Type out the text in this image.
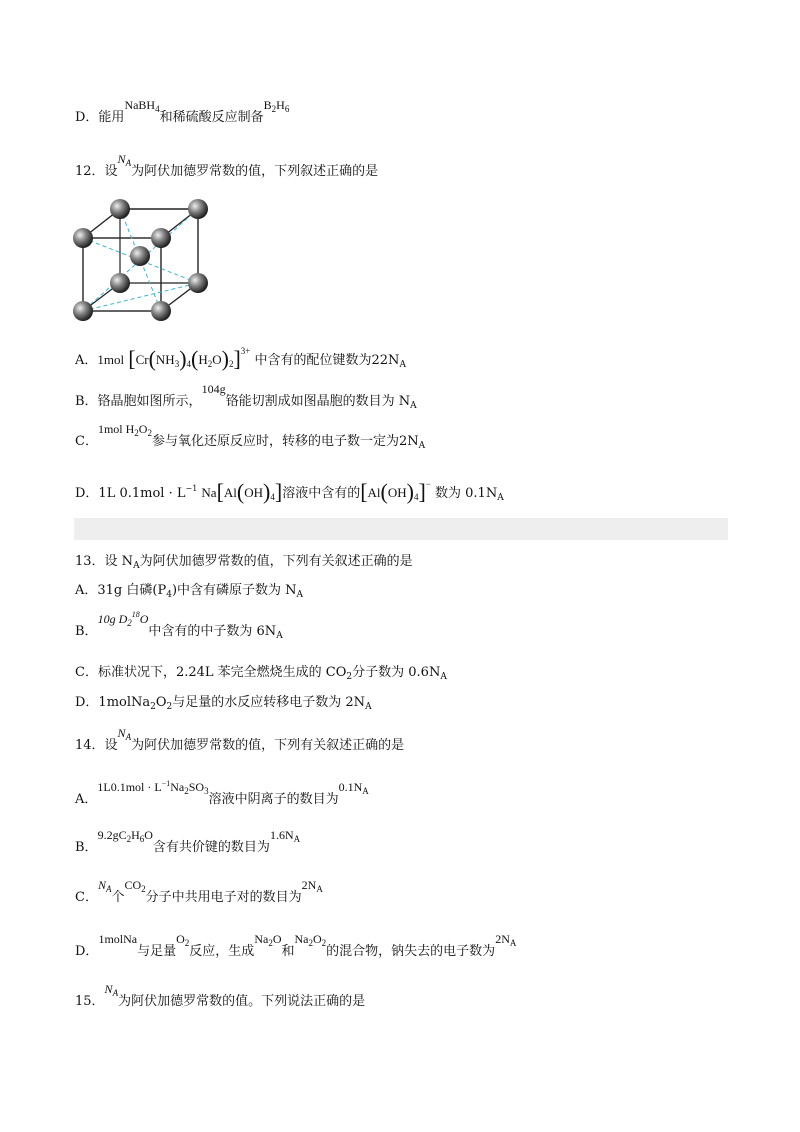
D．能用NaBH$_4$和稀硫酸反应制备$B_2H_6$
12．设$N_A$为阿伏加德罗常数的值，下列叙述正确的是
A．1mol $[Cr(NH_3)_4(H_2O)_2]^{3+}$ 中含有的配位键数为$22N_A$
B．铬晶胞如图所示，104g铬能切割成如图晶胞的数目为 $N_A$
C．1mol $H_2O_2$参与氧化还原反应时，转移的电子数一定为$2N_A$
D．1L $0.1mol \cdot L^{-1}$ $Na[Al(OH)_4]$溶液中含有的$[Al(OH)_4]^-$ 数为 $0.1N_A$
13．设 $N_A$为阿伏加德罗常数的值，下列有关叙述正确的是
A．31g 白磷$(P_4)$中含有磷原子数为 $N_A$
B．10g $D_2^{18}O$中含有的中子数为 $6N_A$
C．标准状况下，2.24L 苯完全燃烧生成的 $CO_2$分子数为 $0.6N_A$
D．$1molNa_2O_2$与足量的水反应转移电子数为 $2N_A$
14．设$N_A$为阿伏加德罗常数的值，下列有关叙述正确的是
A．$1L0.1mol \cdot L^{-1}Na_2SO_3$溶液中阴离子的数目为$0.1N_A$
B．$9.2gC_2H_6O$含有共价键的数目为$1.6N_A$
C．$N_A$个$CO_2$分子中共用电子对的数目为$2N_A$
D．1molNa与足量$O_2$反应，生成$Na_2O$和$Na_2O_2$的混合物，钠失去的电子数为$2N_A$
15．$N_A$为阿伏加德罗常数的值。下列说法正确的是
